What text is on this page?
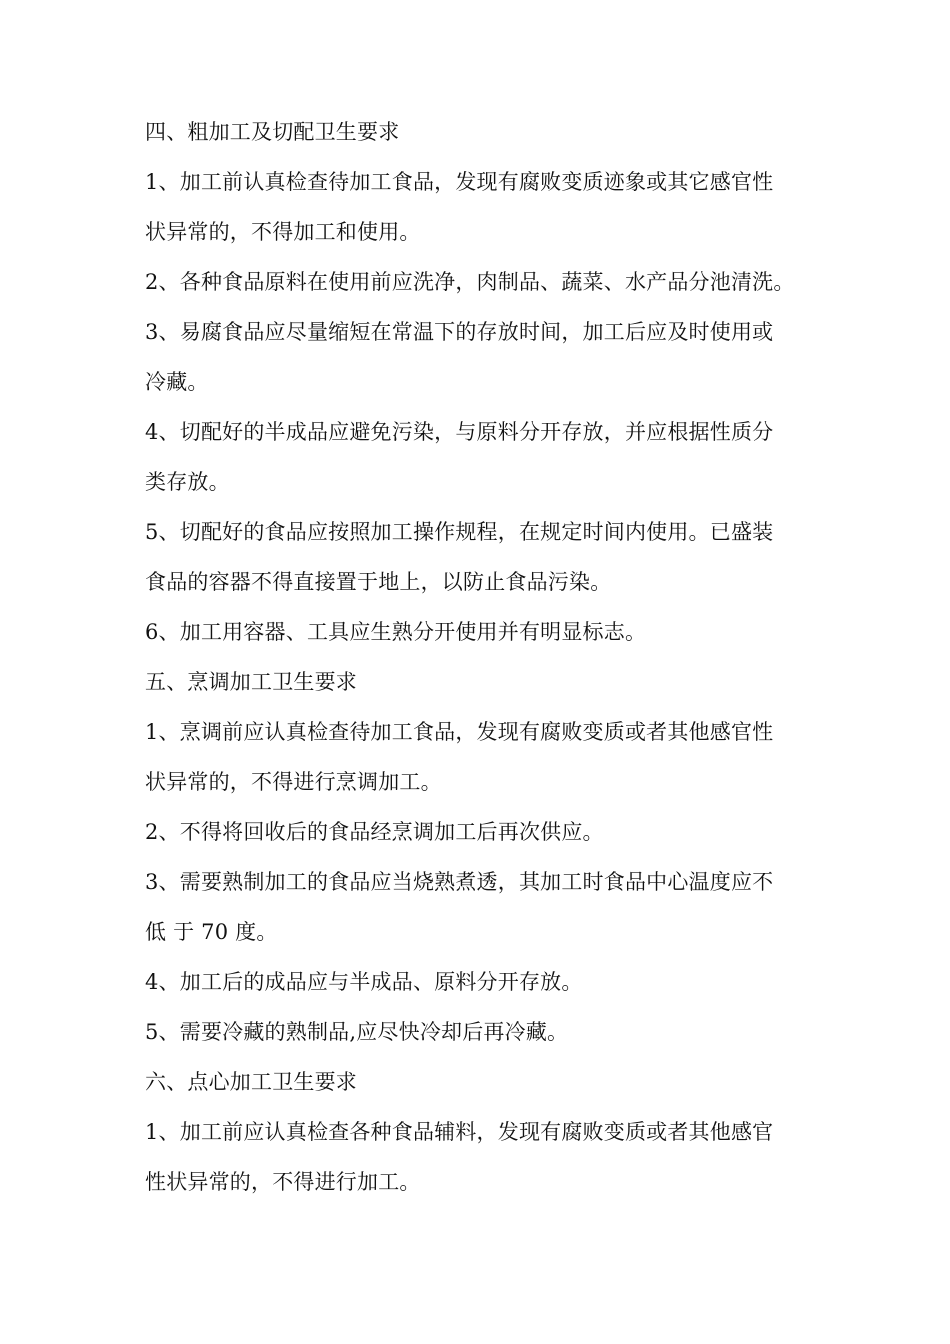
四、粗加工及切配卫生要求
1、加工前认真检查待加工食品，发现有腐败变质迹象或其它感官性
状异常的，不得加工和使用。
2、各种食品原料在使用前应洗净，肉制品、蔬菜、水产品分池清洗。
3、易腐食品应尽量缩短在常温下的存放时间，加工后应及时使用或
冷藏。
4、切配好的半成品应避免污染，与原料分开存放，并应根据性质分
类存放。
5、切配好的食品应按照加工操作规程，在规定时间内使用。已盛装
食品的容器不得直接置于地上，以防止食品污染。
6、加工用容器、工具应生熟分开使用并有明显标志。
五、烹调加工卫生要求
1、烹调前应认真检查待加工食品，发现有腐败变质或者其他感官性
状异常的，不得进行烹调加工。
2、不得将回收后的食品经烹调加工后再次供应。
3、需要熟制加工的食品应当烧熟煮透，其加工时食品中心温度应不
低 于 70 度。
4、加工后的成品应与半成品、原料分开存放。
5、需要冷藏的熟制品,应尽快冷却后再冷藏。
六、点心加工卫生要求
1、加工前应认真检查各种食品辅料，发现有腐败变质或者其他感官
性状异常的，不得进行加工。
